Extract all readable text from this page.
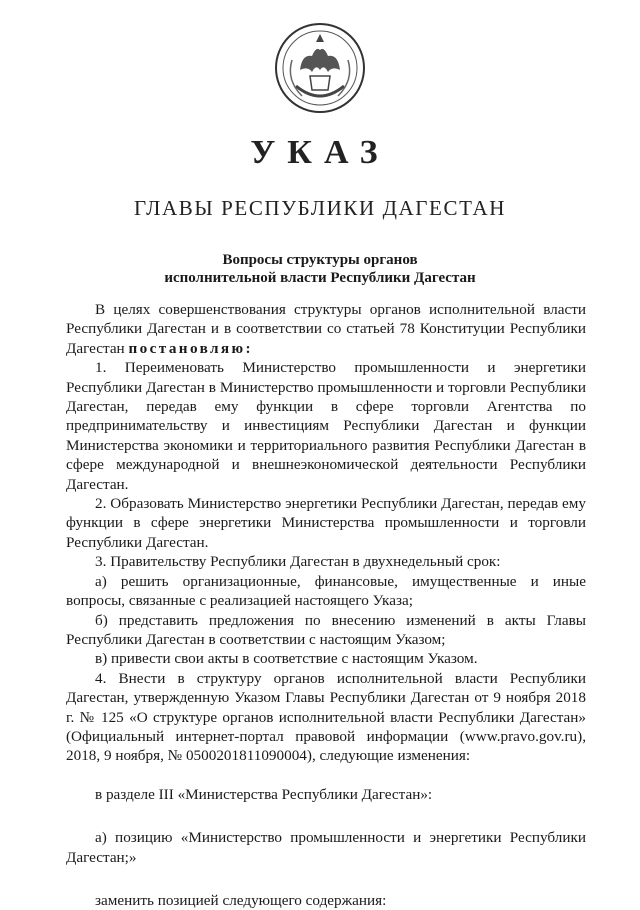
УКАЗ
ГЛАВЫ РЕСПУБЛИКИ ДАГЕСТАН
Вопросы структуры органов
исполнительной власти Республики Дагестан

В целях совершенствования структуры органов исполнительной власти Республики Дагестан и в соответствии со статьей 78 Конституции Республики Дагестан постановляю:

1. Переименовать Министерство промышленности и энергетики Республики Дагестан в Министерство промышленности и торговли Республики Дагестан, передав ему функции в сфере торговли Агентства по предпринимательству и инвестициям Республики Дагестан и функции Министерства экономики и территориального развития Республики Дагестан в сфере международной и внешнеэкономической деятельности Республики Дагестан.

2. Образовать Министерство энергетики Республики Дагестан, передав ему функции в сфере энергетики Министерства промышленности и торговли Республики Дагестан.

3. Правительству Республики Дагестан в двухнедельный срок:

а) решить организационные, финансовые, имущественные и иные вопросы, связанные с реализацией настоящего Указа;

б) представить предложения по внесению изменений в акты Главы Республики Дагестан в соответствии с настоящим Указом;

в) привести свои акты в соответствие с настоящим Указом.

4. Внести в структуру органов исполнительной власти Республики Дагестан, утвержденную Указом Главы Республики Дагестан от 9 ноября 2018 г. № 125 «О структуре органов исполнительной власти Республики Дагестан» (Официальный интернет-портал правовой информации (www.pravo.gov.ru), 2018, 9 ноября, № 0500201811090004), следующие изменения:

в разделе III «Министерства Республики Дагестан»:

а) позицию «Министерство промышленности и энергетики Республики Дагестан;»

заменить позицией следующего содержания:
